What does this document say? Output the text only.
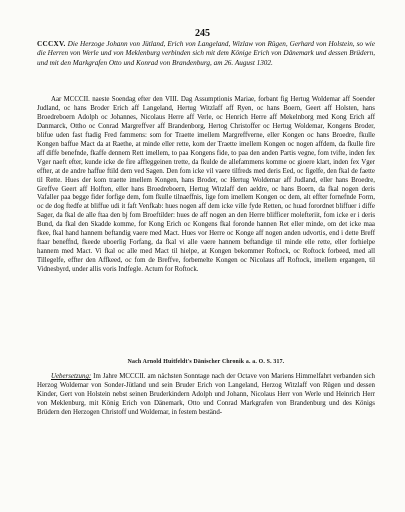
245
CCCXV. Die Herzoge Johann von Jütland, Erich von Langeland, Wizlaw von Rügen, Gerhard von Holstein, so wie die Herren von Werle und von Meklenburg verbinden sich mit dem Könige Erich von Dänemark und dessen Brüdern, und mit den Markgrafen Otto und Konrad von Brandenburg, am 26. August 1302.
Aar MCCCII. naeste Soendag efter den VIII. Dag Assumptionis Mariae, forbant fig Hertug Woldemar aff Soender Judland, oc hans Broder Erich aff Langeland, Hertug Witzlaff aff Ryen, oc hans Boern, Geert aff Holsten, hans Broedreboern Adolph oc Johannes, Nicolaus Herre aff Verle, oc Henrich Herre aff Mekelnborg med Kong Erich aff Danmarck, Ottho oc Conrad Margreffver aff Brandenborg, Hertog Christoffer oc Hertug Woldemar, Kongens Broder, blifue uden fast ftadig Fred fammens: som for Traette imellem Margreffverne, eller Kongen oc hans Broedre, fkulle Kongen baffue Mact da at Raethe, at minde eller rette, kom der Traette imellem Kongen oc nogen affdem, da fkulle fire aff diffe benefnde, fkaffe dennem Rett imellem, to paa Kongens fide, to paa den anden Partis vegne, fom tvifte, inden fex Vger naeft efter, kunde icke de fire affleggeinen trette, da fkulde de allefammens komme oc gioere klart, inden fex Vger effter, at de andre haffue ftild dem ved Sagen. Den fom icke vil vaere tilfreds med deris Eed, oc figelfe, den fkal de faette til Rette. Hues der kom traette imellem Kongen, hans Broder, oc Hertug Woldemar aff Judland, eller hans Broedre, Greffve Geert aff Holften, eller hans Broedreboern, Hertug Witzlaff den aeldre, oc hans Boern, da fkal nogen deris Vafaller paa begge fider forfige dem, fom fkulle tilnaeffnis, lige fom imellem Kongen oc dem, alt effter fornefnde Form, oc de dog ftedfe at bliffue udi it faft Venfkab: hues nogen aff dem icke ville fyde Retten, oc huad forordnet bliffuer i diffe Sager, da fkal de alle ftaa den bj fom Broeftilder: hues de aff nogen an den Herre blifficer molefteriit, fom icke er i deris Bund, da fkal den Skadde komme, for Kong Erich oc Kongens fkal foronde hannen Ret eller minde, om det icke maa fkee, fkal hand hannem beftandig vaere med Mact. Hues vor Herre oc Konge aff nogen anden udvortis, end i dette Breff ftaar beneffnd, fkeede uboerlig Forfang, da fkal vi alle vaere hannem beftandige til minde elle rette, eller forhielpe hannem med Mact. Vi fkal oc alle med Mact til hielpe, at Kongen bekommer Roftock, oc Roftock forbeed, med all Tillegelfe, effter den Affkeed, oc fom de Breffve, forbemelte Kongen oc Nicolaus aff Roftock, imellem ergangen, til Vidnesbyrd, under allis voris Indfegle. Actum for Roftock.
Nach Arnold Huitfeldt's Dänischer Chronik a. a. O. S. 317.
Uebersetzung: Im Jahre MCCCII. am nächsten Sonntage nach der Octave von Mariens Himmelfahrt verbanden sich Herzog Woldemar von Sonder-Jütland und sein Bruder Erich von Langeland, Herzog Witzlaff von Rügen und dessen Kinder, Gert von Holstein nebst seinen Bruderkindern Adolph und Johann, Nicolaus Herr von Werle und Heinrich Herr von Meklenburg, mit König Erich von Dänemark, Otto und Conrad Markgrafen von Brandenburg und des Königs Brüdern den Herzogen Christoff und Woldemar, in festem beständ-
